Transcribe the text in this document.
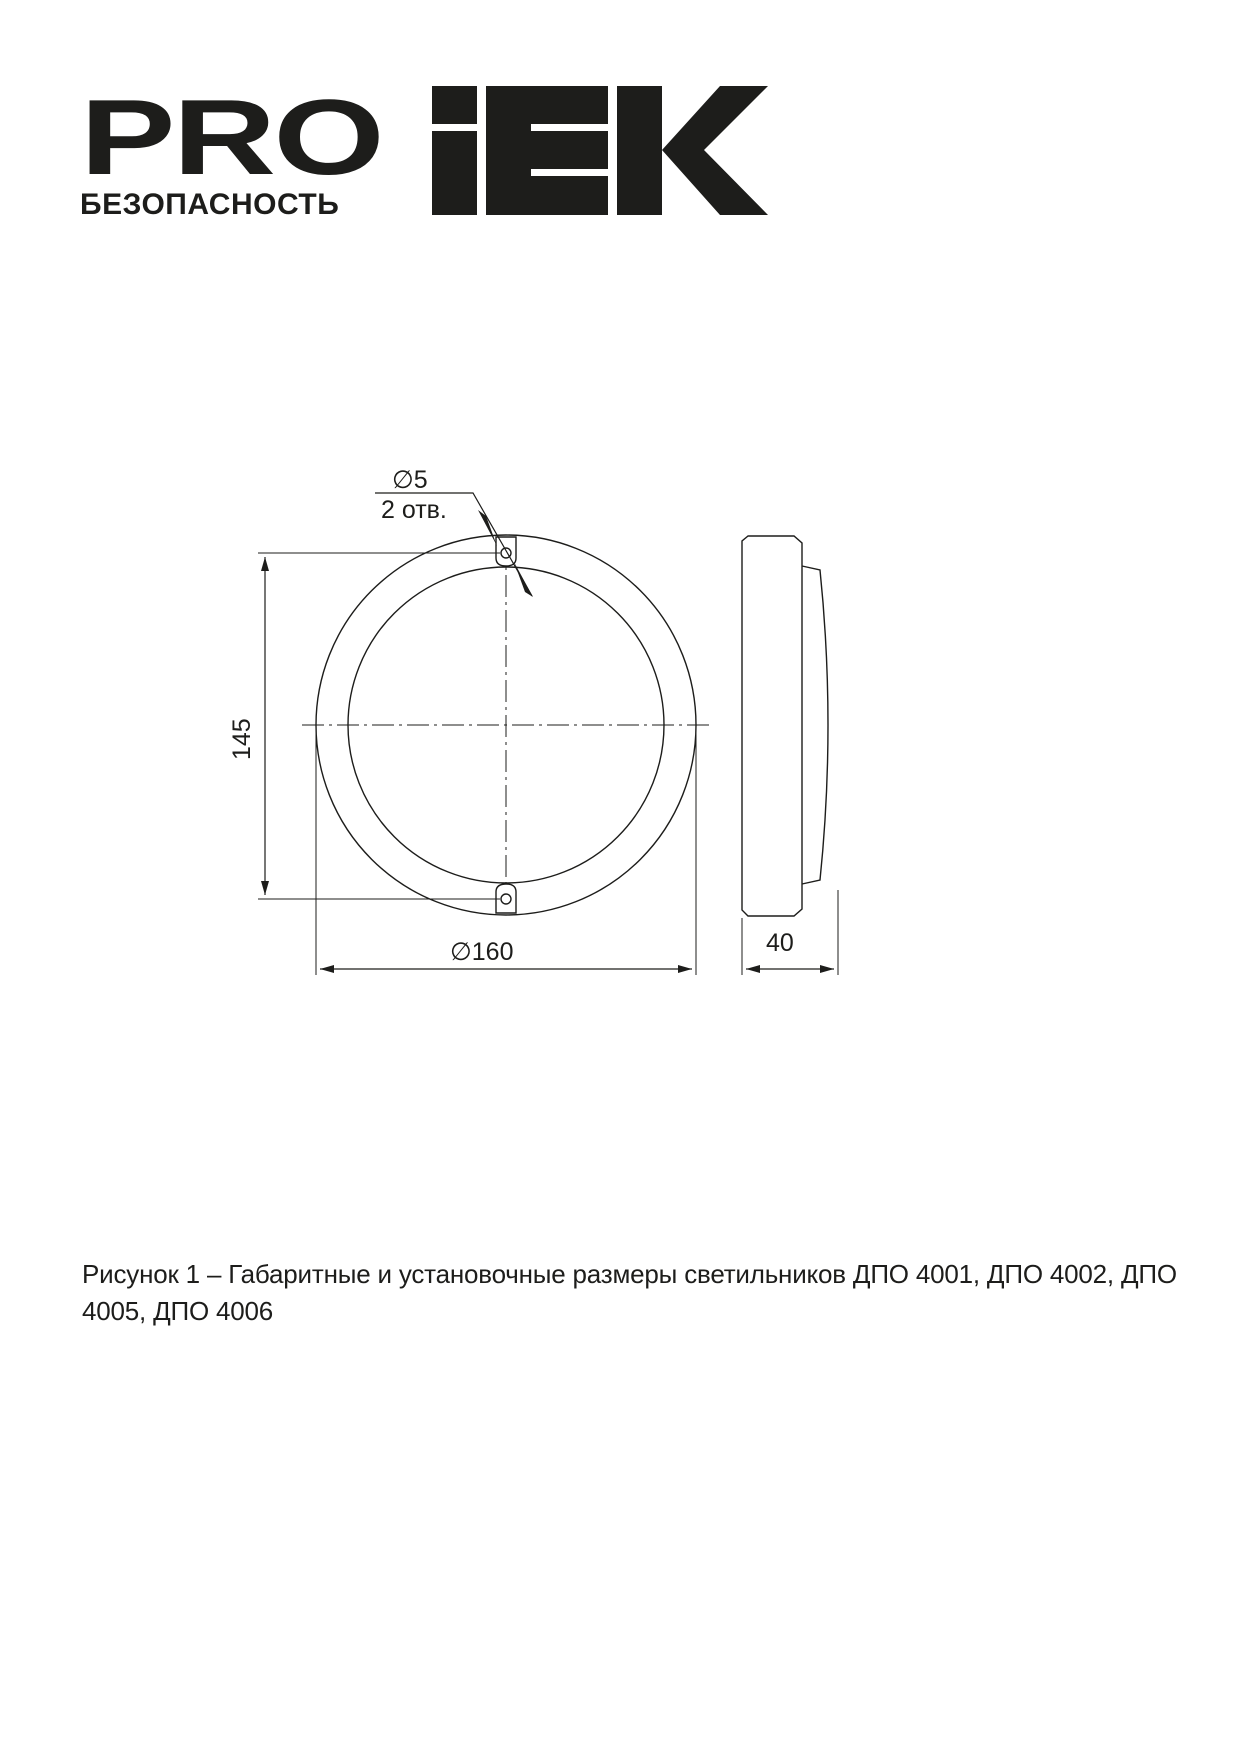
PRO
БЕЗОПАСНОСТЬ
∅5
2 отв.
145
∅160	40
Рисунок 1 – Габаритные и установочные размеры светильников ДПО 4001, ДПО 4002, ДПО 4005, ДПО 4006
